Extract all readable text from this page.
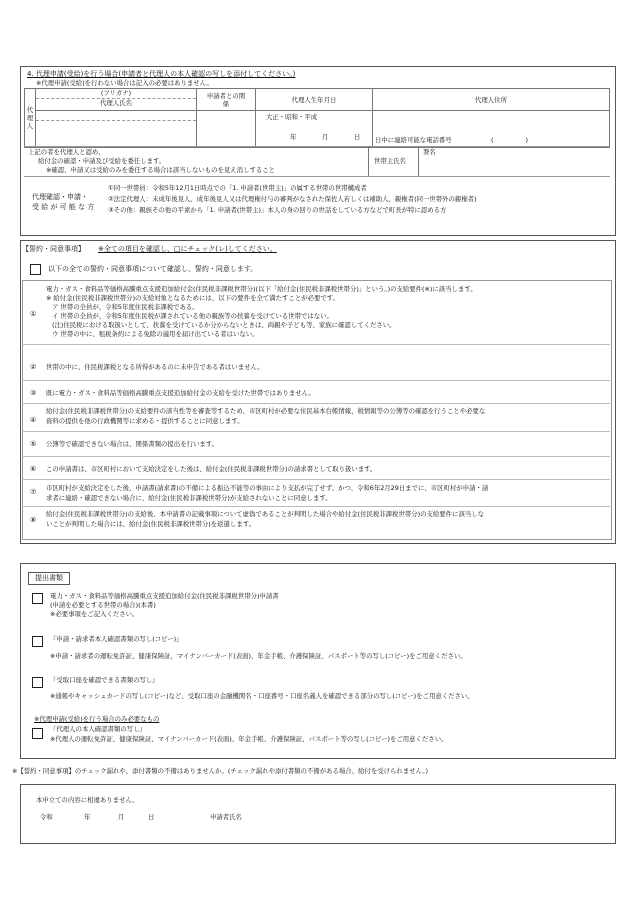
4. 代理申請(受給)を行う場合(申請者と代理人の本人確認の写しを添付してください。)
※代理申請(受給)を行わない場合は記入の必要はありません。
代理人	(フリガナ)
代理人氏名	申請者との関係	代理人生年月日	代理人住所

			大正・昭和・平成
年 月 日	日中に連絡可能な電話番号 (　　　　　)
上記の者を代理人と認め、
給付金の確認・申請及び受給を委任します。
※確認、申請又は受給のみを委任する場合は該当しないものを見え消しすること
世帯主氏名
署名
代理確認・申請・
受 給 が 可 能 な 方
①同一世帯員：令和5年12月1日時点での「1. 申請者(世帯主)」の属する世帯の世帯構成者
②法定代理人：未成年後見人、成年後見人又は代理権付与の審判がなされた保佐人若しくは補助人、親権者(同一世帯外の親権者)
③その他：親族その他の平素から「1. 申請者(世帯主)」本人の身の回りの世話をしている方などで町長が特に認める方
【誓約・同意事項】 ※全ての項目を確認し、□にチェック(レ)してください。
以下の全ての誓約・同意事項について確認し、誓約・同意します。
①
電力・ガス・食料品等価格高騰重点支援追加給付金(住民税非課税世帯分)(以下「給付金(住民税非課税世帯分)」という。)の支給要件(※)に該当します。
※ 給付金(住民税非課税世帯分)の支給対象となるためには、以下の要件を全て満たすことが必要です。
ア 世帯の全員が、令和5年度住民税非課税である。
イ 世帯の全員が、令和5年度住民税が課されている他の親族等の扶養を受けている世帯ではない。
(注)住民税における取扱いとして、扶養を受けているか分からないときは、両親や子ども等、家族に確認してください。
ウ 世帯の中に、租税条約による免除の適用を届け出ている者はいない。
② 世帯の中に、住民税課税となる所得があるのに未申告である者はいません。
③ 既に電力・ガス・食料品等価格高騰重点支援追加給付金の支給を受けた世帯ではありません。
④
給付金(住民税非課税世帯分)の支給要件の該当性等を審査等するため、市区町村が必要な住民基本台帳情報、税情報等の公簿等の確認を行うことや必要な
資料の提供を他の行政機関等に求める・提供することに同意します。
⑤ 公簿等で確認できない場合は、関係書類の提出を行います。
⑥ この申請書は、市区町村において支給決定をした後は、給付金(住民税非課税世帯分)の請求書として取り扱います。
⑦ 市区町村が支給決定をした後、申請書(請求書)の不備による振込不能等の事由により支払が完了せず、かつ、令和6年2月29日までに、市区町村が申請・請
求者に連絡・確認できない場合に、給付金(住民税非課税世帯分)が支給されないことに同意します。
⑧
給付金(住民税非課税世帯分)の支給後、本申請書の記載事項について虚偽であることが判明した場合や給付金(住民税非課税世帯分)の支給要件に該当しな
いことが判明した場合には、給付金(住民税非課税世帯分)を返還します。
提出書類
電力・ガス・食料品等価格高騰重点支援追加給付金(住民税非課税世帯分)申請書
(申請を必要とする世帯の場合)(本書)
※必要事項をご記入ください。
『申請・請求者本人確認書類の写し(コピー)』
※申請・請求者の運転免許証、健康保険証、マイナンバーカード(表面)、年金手帳、介護保険証、パスポート等の写し(コピー)をご用意ください。
『受取口座を確認できる書類の写し』
※通帳やキャッシュカードの写し(コピー)など、受取口座の金融機関名・口座番号・口座名義人を確認できる部分の写し(コピー)をご用意ください。
※代理申請(受給)を行う場合のみ必要なもの
『代理人の本人確認書類の写し』
※代理人の運転免許証、健康保険証、マイナンバーカード(表面)、年金手帳、介護保険証、パスポート等の写し(コピー)をご用意ください。
※【誓約・同意事項】のチェック漏れや、添付書類の不備はありませんか。(チェック漏れや添付書類の不備がある場合、給付を受けられません。)
本申立ての内容に相違ありません。
令和	年	月	日	申請者氏名
